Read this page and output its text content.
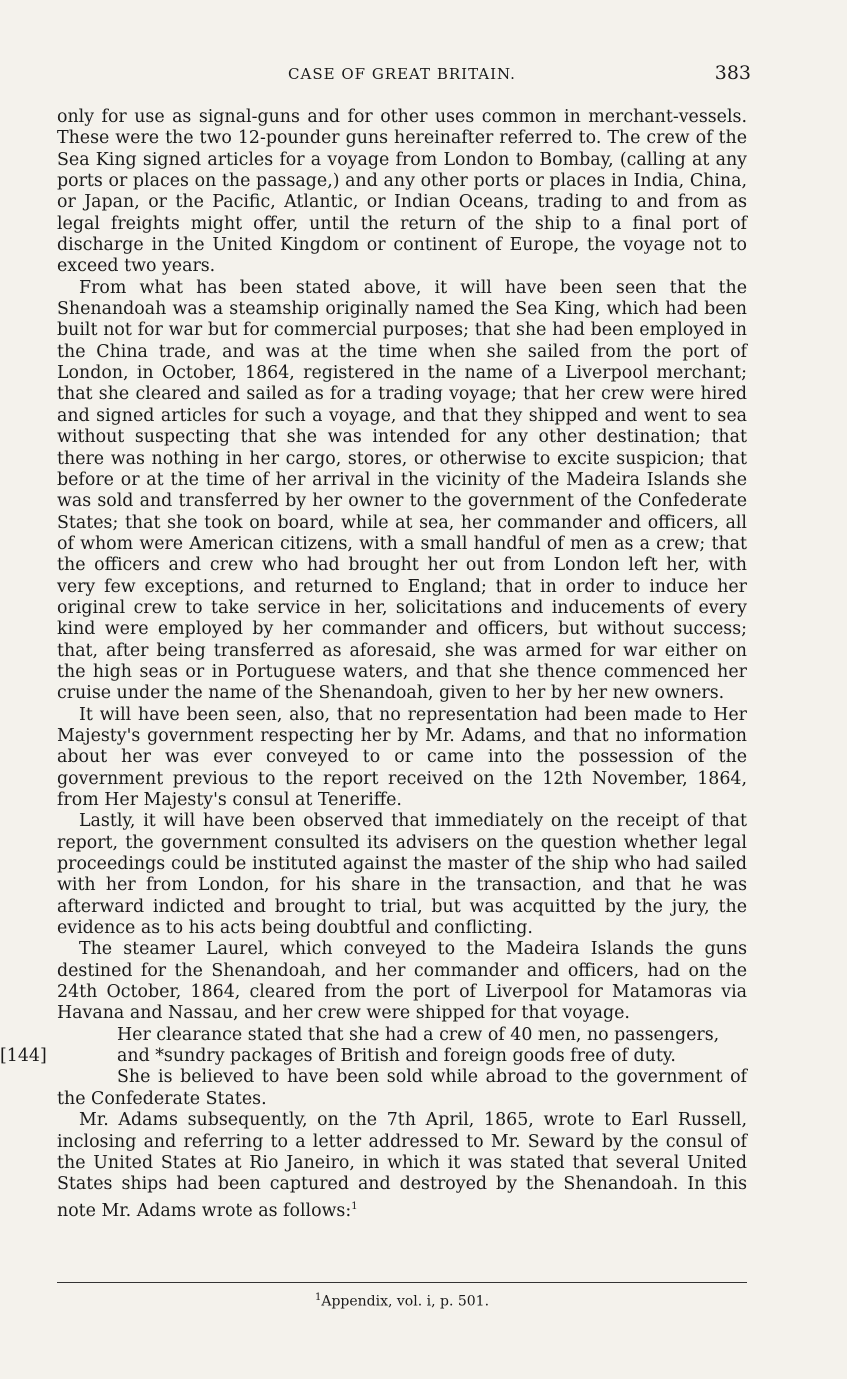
CASE OF GREAT BRITAIN.	383

only for use as signal-guns and for other uses common in merchant-vessels. These were the two 12-pounder guns hereinafter referred to. The crew of the Sea King signed articles for a voyage from London to Bombay, (calling at any ports or places on the passage,) and any other ports or places in India, China, or Japan, or the Pacific, Atlantic, or Indian Oceans, trading to and from as legal freights might offer, until the return of the ship to a final port of discharge in the United Kingdom or continent of Europe, the voyage not to exceed two years.

From what has been stated above, it will have been seen that the Shenandoah was a steamship originally named the Sea King, which had been built not for war but for commercial purposes; that she had been employed in the China trade, and was at the time when she sailed from the port of London, in October, 1864, registered in the name of a Liverpool merchant; that she cleared and sailed as for a trading voyage; that her crew were hired and signed articles for such a voyage, and that they shipped and went to sea without suspecting that she was intended for any other destination; that there was nothing in her cargo, stores, or otherwise to excite suspicion; that before or at the time of her arrival in the vicinity of the Madeira Islands she was sold and transferred by her owner to the government of the Confederate States; that she took on board, while at sea, her commander and officers, all of whom were American citizens, with a small handful of men as a crew; that the officers and crew who had brought her out from London left her, with very few exceptions, and returned to England; that in order to induce her original crew to take service in her, solicitations and inducements of every kind were employed by her commander and officers, but without success; that, after being transferred as aforesaid, she was armed for war either on the high seas or in Portuguese waters, and that she thence commenced her cruise under the name of the Shenandoah, given to her by her new owners.

It will have been seen, also, that no representation had been made to Her Majesty's government respecting her by Mr. Adams, and that no information about her was ever conveyed to or came into the possession of the government previous to the report received on the 12th November, 1864, from Her Majesty's consul at Teneriffe.

Lastly, it will have been observed that immediately on the receipt of that report, the government consulted its advisers on the question whether legal proceedings could be instituted against the master of the ship who had sailed with her from London, for his share in the transaction, and that he was afterward indicted and brought to trial, but was acquitted by the jury, the evidence as to his acts being doubtful and conflicting.

The steamer Laurel, which conveyed to the Madeira Islands the guns destined for the Shenandoah, and her commander and officers, had on the 24th October, 1864, cleared from the port of Liverpool for Matamoras via Havana and Nassau, and her crew were shipped for that voyage.

Her clearance stated that she had a crew of 40 men, no passengers,

[144]	and *sundry packages of British and foreign goods free of duty.

She is believed to have been sold while abroad to the government of the Confederate States.

Mr. Adams subsequently, on the 7th April, 1865, wrote to Earl Russell, inclosing and referring to a letter addressed to Mr. Seward by the consul of the United States at Rio Janeiro, in which it was stated that several United States ships had been captured and destroyed by the Shenandoah. In this note Mr. Adams wrote as follows:$^1$

$^1$Appendix, vol. i, p. 501.
